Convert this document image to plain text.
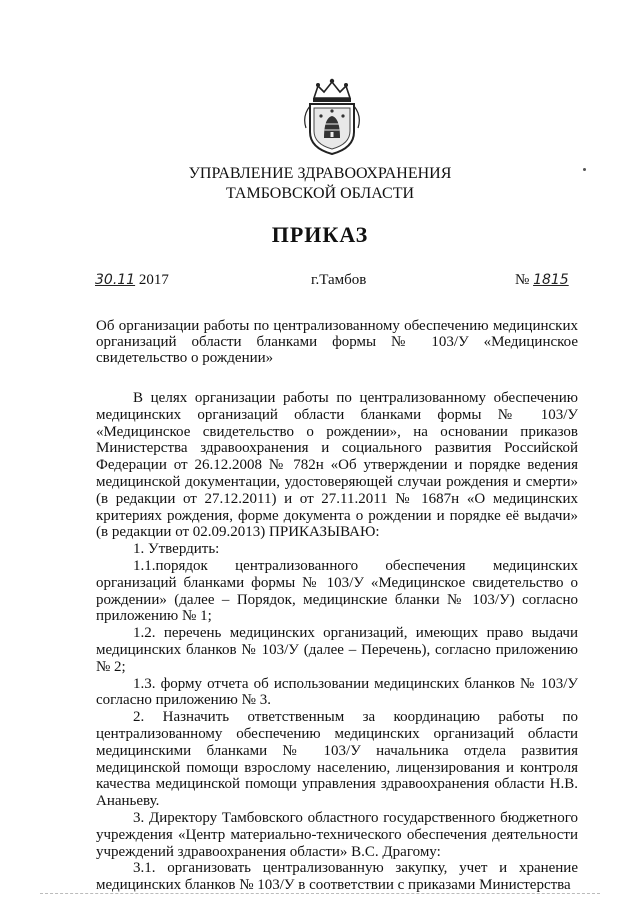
УПРАВЛЕНИЕ ЗДРАВООХРАНЕНИЯ
ТАМБОВСКОЙ ОБЛАСТИ
ПРИКАЗ
30.11 2017	г.Тамбов	№ 1815
Об организации работы по централизованному обеспечению медицинских организаций области бланками формы № 103/У «Медицинское свидетельство о рождении»

В целях организации работы по централизованному обеспечению медицинских организаций области бланками формы № 103/У «Медицинское свидетельство о рождении», на основании приказов Министерства здравоохранения и социального развития Российской Федерации от 26.12.2008 № 782н «Об утверждении и порядке ведения медицинской документации, удостоверяющей случаи рождения и смерти» (в редакции от 27.12.2011) и от 27.11.2011 № 1687н «О медицинских критериях рождения, форме документа о рождении и порядке её выдачи» (в редакции от 02.09.2013) ПРИКАЗЫВАЮ:

1. Утвердить:

1.1.порядок централизованного обеспечения медицинских организаций бланками формы № 103/У «Медицинское свидетельство о рождении» (далее – Порядок, медицинские бланки № 103/У) согласно приложению № 1;

1.2. перечень медицинских организаций, имеющих право выдачи медицинских бланков № 103/У (далее – Перечень), согласно приложению № 2;

1.3. форму отчета об использовании медицинских бланков № 103/У согласно приложению № 3.

2. Назначить ответственным за координацию работы по централизованному обеспечению медицинских организаций области медицинскими бланками № 103/У начальника отдела развития медицинской помощи взрослому населению, лицензирования и контроля качества медицинской помощи управления здравоохранения области Н.В. Ананьеву.

3. Директору Тамбовского областного государственного бюджетного учреждения «Центр материально-технического обеспечения деятельности учреждений здравоохранения области» В.С. Драгому:

3.1. организовать централизованную закупку, учет и хранение медицинских бланков № 103/У в соответствии с приказами Министерства
